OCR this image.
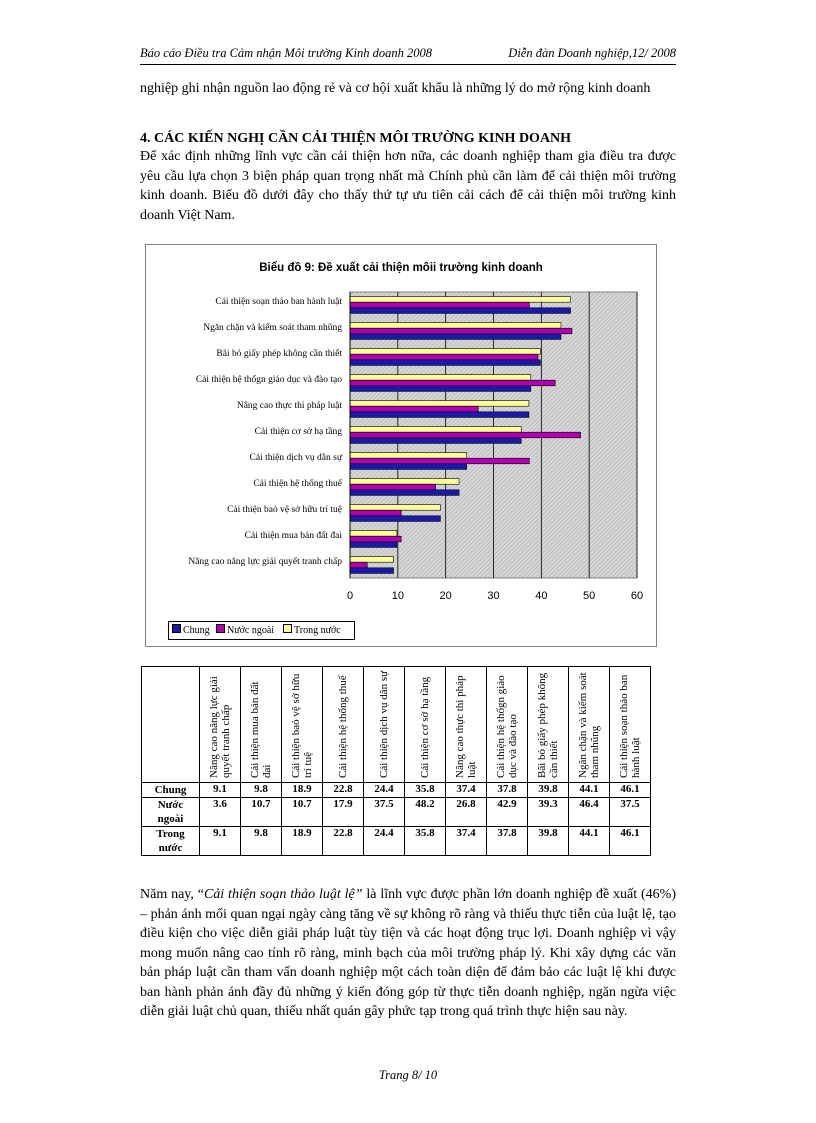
Báo cáo Điều tra Cảm nhận Môi trường Kinh doanh 2008	Diễn đàn Doanh nghiệp,12/ 2008

nghiệp ghi nhận nguồn lao động rẻ và cơ hội xuất khẩu là những lý do mở rộng kinh doanh

4. CÁC KIẾN NGHỊ CẦN CẢI THIỆN MÔI TRƯỜNG KINH DOANH

Để xác định những lĩnh vực cần cải thiện hơn nữa, các doanh nghiệp tham gia điều tra được yêu cầu lựa chọn 3 biện pháp quan trọng nhất mà Chính phủ cần làm để cải thiện môi trường kinh doanh. Biểu đồ dưới đây cho thấy thứ tự ưu tiên cải cách để cải thiện môi trường kinh doanh Việt Nam.

Biểu đồ 9: Đề xuất cải thiện môii trường kinh doanh
0	10	20	30	40	50	60
Cải thiện soạn thảo ban hành luật
Ngăn chặn và kiểm soát tham nhũng
Bãi bỏ giấy phép không cần thiết
Cải thiện hệ thốgn giáo dục và đào tạo
Nâng cao thực thi pháp luật
Cải thiện cơ sở hạ tầng
Cải thiện dịch vụ dân sự
Cải thiện hệ thống thuế
Cải thiện baỏ vệ sở hữu trí tuệ
Cải thiện mua bán đất đai
Năng cao năng lực giải quyết tranh chấp
Chung	Nước ngoài	Trong nước

	Nâng cao năng lực giải quyết tranh chấp	Cải thiện mua bán đất đai	Cải thiện baỏ vệ sở hữu trí tuệ	Cải thiện hệ thống thuế	Cải thiện dịch vụ dân sự	Cải thiện cơ sở hạ tầng	Nâng cao thực thi pháp luật	Cải thiện hệ thốgn giáo dục và đào tạo	Bãi bỏ giấy phép không cần thiết	Ngăn chặn và kiểm soát tham nhũng	Cải thiện soạn thảo ban hành luật

Chung	9.1	9.8	18.9	22.8	24.4	35.8	37.4	37.8	39.8	44.1	46.1
Nước ngoài	3.6	10.7	10.7	17.9	37.5	48.2	26.8	42.9	39.3	46.4	37.5
Trong nước	9.1	9.8	18.9	22.8	24.4	35.8	37.4	37.8	39.8	44.1	46.1

Năm nay, “Cải thiện soạn thảo luật lệ” là lĩnh vực được phần lớn doanh nghiệp đề xuất (46%) – phản ánh mối quan ngại ngày càng tăng về sự không rõ ràng và thiếu thực tiễn của luật lệ, tạo điều kiện cho việc diễn giải pháp luật tùy tiện và các hoạt động trục lợi. Doanh nghiệp vì vậy mong muốn nâng cao tính rõ ràng, minh bạch của môi trường pháp lý. Khi xây dựng các văn bản pháp luật cần tham vấn doanh nghiệp một cách toàn diện để đảm bảo các luật lệ khi được ban hành phản ánh đầy đủ những ý kiến đóng góp từ thực tiễn doanh nghiệp, ngăn ngừa việc diễn giải luật chủ quan, thiếu nhất quán gây phức tạp trong quá trình thực hiện sau này.

Trang 8/ 10
